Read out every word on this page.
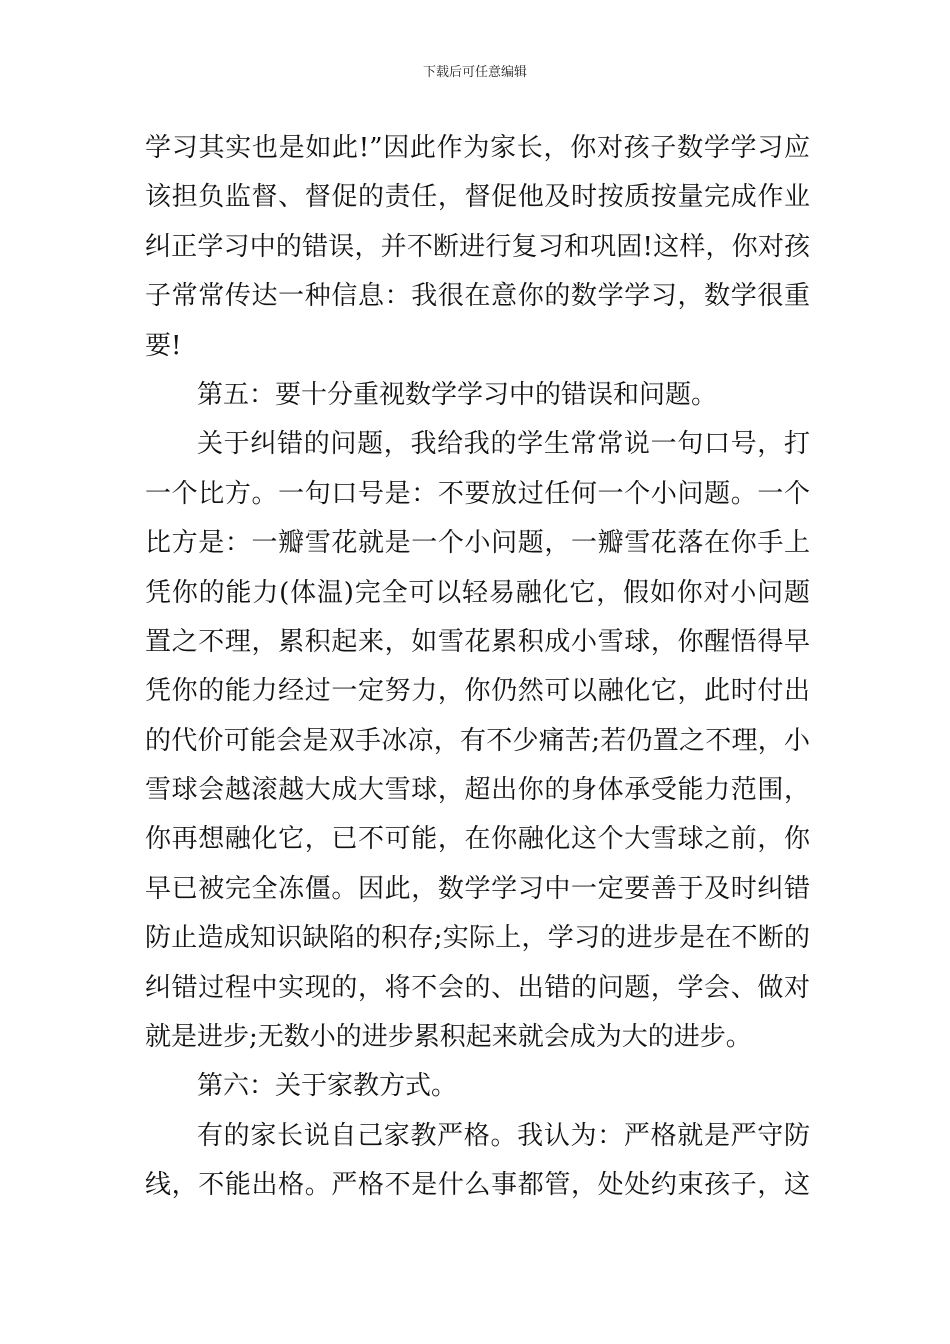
下载后可任意编辑
学习其实也是如此!”因此作为家长，你对孩子数学学习应
该担负监督、督促的责任，督促他及时按质按量完成作业
纠正学习中的错误，并不断进行复习和巩固!这样，你对孩
子常常传达一种信息：我很在意你的数学学习，数学很重
要!
第五：要十分重视数学学习中的错误和问题。
关于纠错的问题，我给我的学生常常说一句口号，打
一个比方。一句口号是：不要放过任何一个小问题。一个
比方是：一瓣雪花就是一个小问题，一瓣雪花落在你手上
凭你的能力(体温)完全可以轻易融化它，假如你对小问题
置之不理，累积起来，如雪花累积成小雪球，你醒悟得早
凭你的能力经过一定努力，你仍然可以融化它，此时付出
的代价可能会是双手冰凉，有不少痛苦;若仍置之不理，小
雪球会越滚越大成大雪球，超出你的身体承受能力范围，
你再想融化它，已不可能，在你融化这个大雪球之前，你
早已被完全冻僵。因此，数学学习中一定要善于及时纠错
防止造成知识缺陷的积存;实际上，学习的进步是在不断的
纠错过程中实现的，将不会的、出错的问题，学会、做对
就是进步;无数小的进步累积起来就会成为大的进步。
第六：关于家教方式。
有的家长说自己家教严格。我认为：严格就是严守防
线，不能出格。严格不是什么事都管，处处约束孩子，这
